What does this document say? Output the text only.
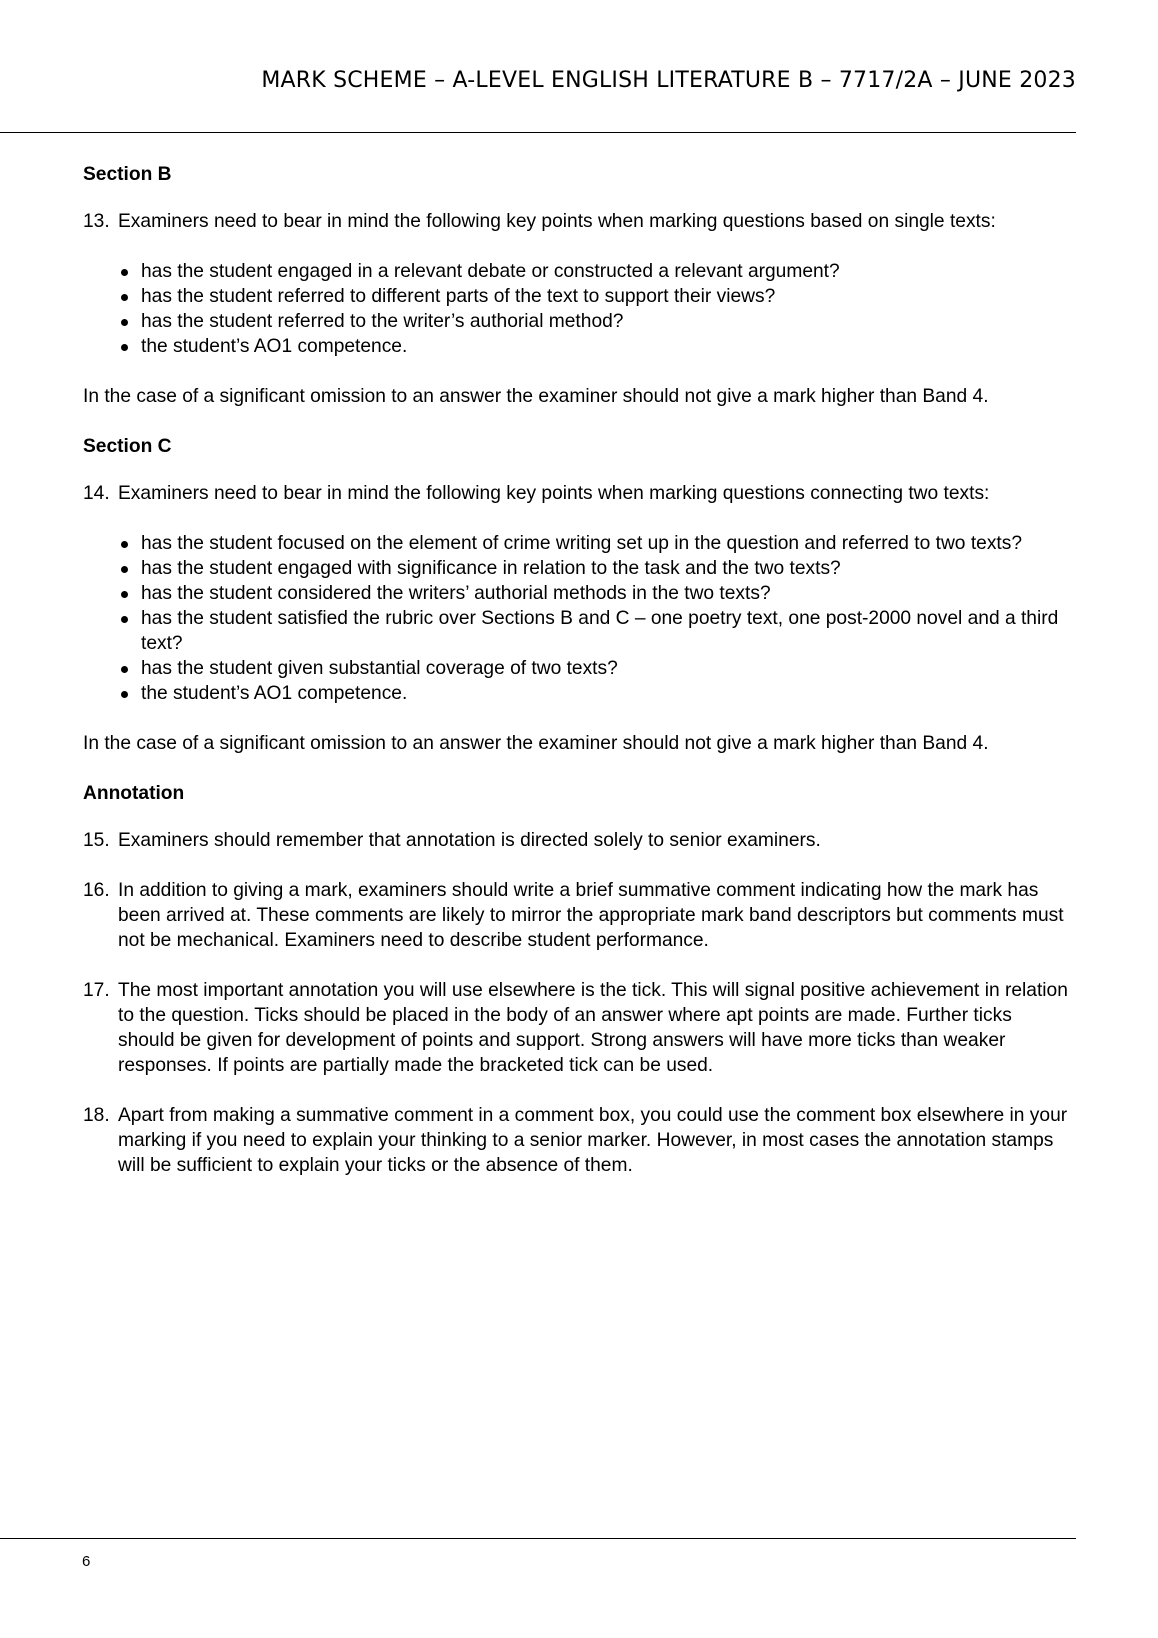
MARK SCHEME – A-LEVEL ENGLISH LITERATURE B – 7717/2A – JUNE 2023
Section B
13. Examiners need to bear in mind the following key points when marking questions based on single texts:
has the student engaged in a relevant debate or constructed a relevant argument?
has the student referred to different parts of the text to support their views?
has the student referred to the writer’s authorial method?
the student’s AO1 competence.
In the case of a significant omission to an answer the examiner should not give a mark higher than Band 4.
Section C
14. Examiners need to bear in mind the following key points when marking questions connecting two texts:
has the student focused on the element of crime writing set up in the question and referred to two texts?
has the student engaged with significance in relation to the task and the two texts?
has the student considered the writers’ authorial methods in the two texts?
has the student satisfied the rubric over Sections B and C – one poetry text, one post-2000 novel and a third text?
has the student given substantial coverage of two texts?
the student’s AO1 competence.
In the case of a significant omission to an answer the examiner should not give a mark higher than Band 4.
Annotation
15. Examiners should remember that annotation is directed solely to senior examiners.
16. In addition to giving a mark, examiners should write a brief summative comment indicating how the mark has been arrived at. These comments are likely to mirror the appropriate mark band descriptors but comments must not be mechanical. Examiners need to describe student performance.
17. The most important annotation you will use elsewhere is the tick. This will signal positive achievement in relation to the question. Ticks should be placed in the body of an answer where apt points are made. Further ticks should be given for development of points and support. Strong answers will have more ticks than weaker responses. If points are partially made the bracketed tick can be used.
18. Apart from making a summative comment in a comment box, you could use the comment box elsewhere in your marking if you need to explain your thinking to a senior marker. However, in most cases the annotation stamps will be sufficient to explain your ticks or the absence of them.
6
